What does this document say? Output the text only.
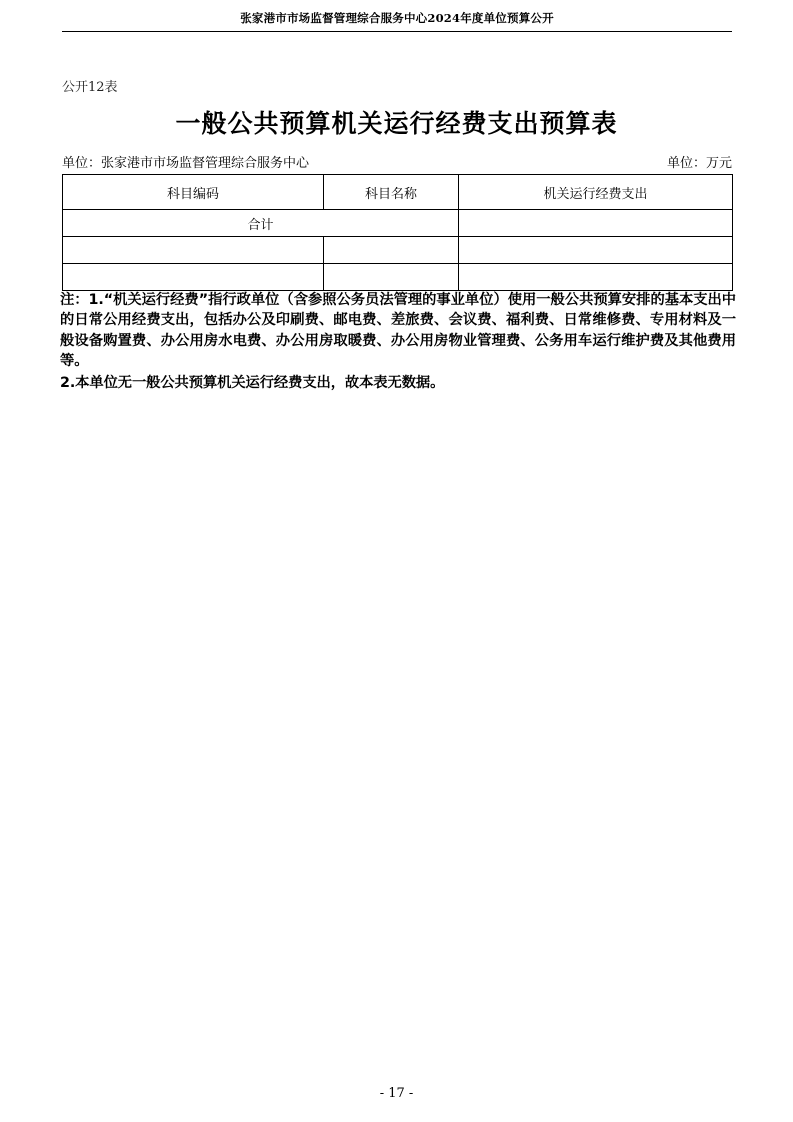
张家港市市场监督管理综合服务中心2024年度单位预算公开
公开12表
一般公共预算机关运行经费支出预算表
单位：张家港市市场监督管理综合服务中心	单位：万元
科目编码	科目名称	机关运行经费支出
合计		

注：1.“机关运行经费”指行政单位（含参照公务员法管理的事业单位）使用一般公共预算安排的基本支出中的日常公用经费支出，包括办公及印刷费、邮电费、差旅费、会议费、福利费、日常维修费、专用材料及一般设备购置费、办公用房水电费、办公用房取暖费、办公用房物业管理费、公务用车运行维护费及其他费用等。

2.本单位无一般公共预算机关运行经费支出，故本表无数据。

- 17 -
